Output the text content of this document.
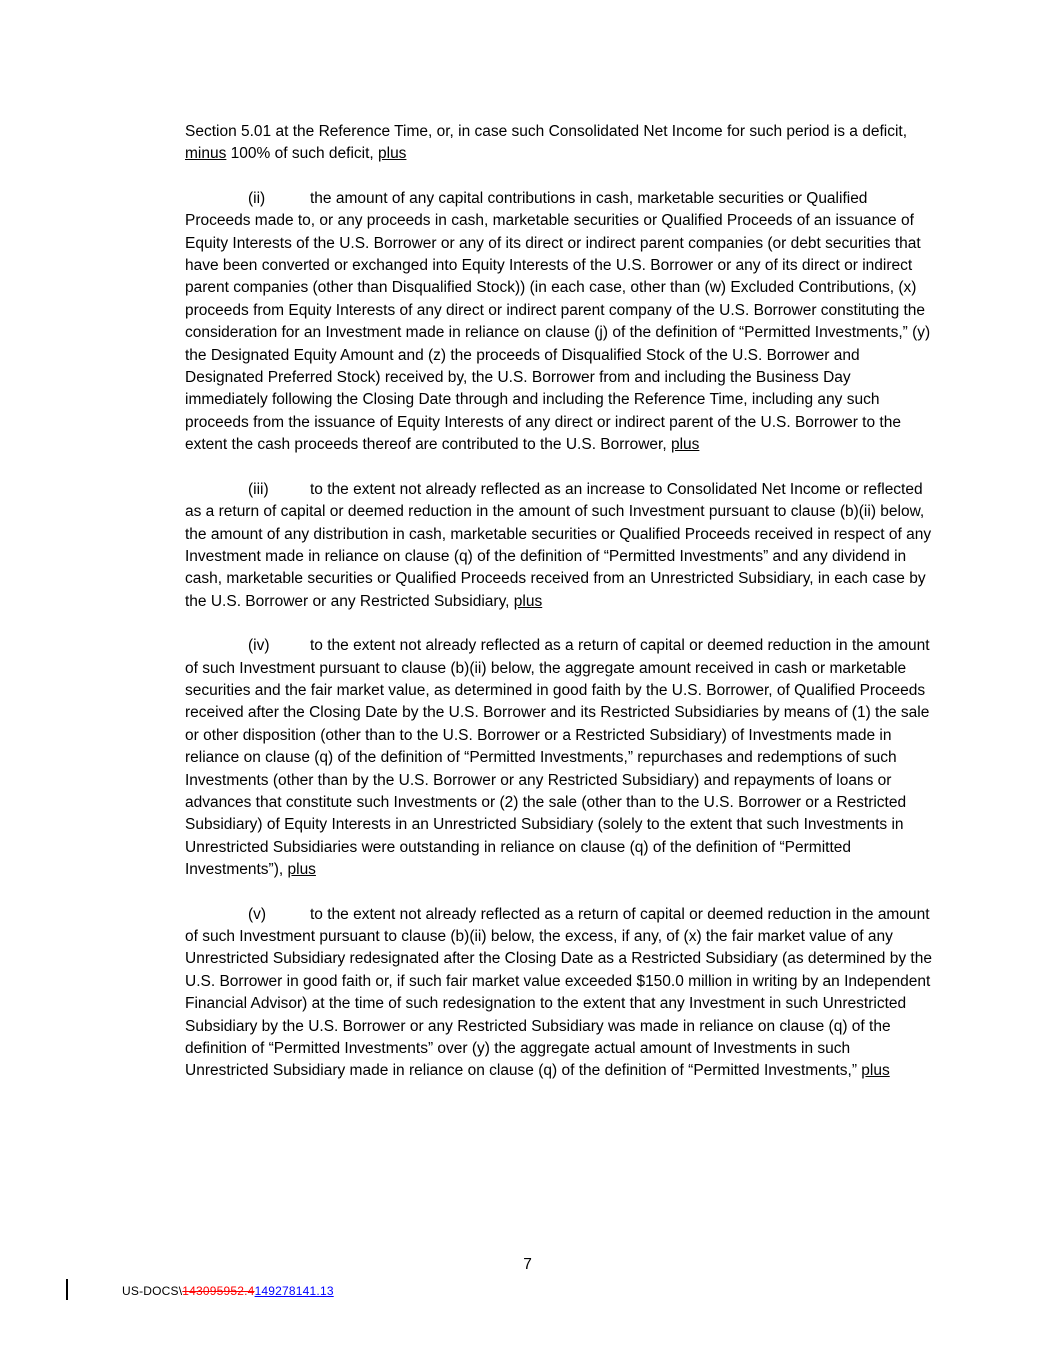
Section 5.01 at the Reference Time, or, in case such Consolidated Net Income for such period is a deficit, minus 100% of such deficit, plus

(ii)	the amount of any capital contributions in cash, marketable securities or Qualified Proceeds made to, or any proceeds in cash, marketable securities or Qualified Proceeds of an issuance of Equity Interests of the U.S. Borrower or any of its direct or indirect parent companies (or debt securities that have been converted or exchanged into Equity Interests of the U.S. Borrower or any of its direct or indirect parent companies (other than Disqualified Stock)) (in each case, other than (w) Excluded Contributions, (x) proceeds from Equity Interests of any direct or indirect parent company of the U.S. Borrower constituting the consideration for an Investment made in reliance on clause (j) of the definition of “Permitted Investments,” (y) the Designated Equity Amount and (z) the proceeds of Disqualified Stock of the U.S. Borrower and Designated Preferred Stock) received by, the U.S. Borrower from and including the Business Day immediately following the Closing Date through and including the Reference Time, including any such proceeds from the issuance of Equity Interests of any direct or indirect parent of the U.S. Borrower to the extent the cash proceeds thereof are contributed to the U.S. Borrower, plus

(iii)	to the extent not already reflected as an increase to Consolidated Net Income or reflected as a return of capital or deemed reduction in the amount of such Investment pursuant to clause (b)(ii) below, the amount of any distribution in cash, marketable securities or Qualified Proceeds received in respect of any Investment made in reliance on clause (q) of the definition of “Permitted Investments” and any dividend in cash, marketable securities or Qualified Proceeds received from an Unrestricted Subsidiary, in each case by the U.S. Borrower or any Restricted Subsidiary, plus

(iv)	to the extent not already reflected as a return of capital or deemed reduction in the amount of such Investment pursuant to clause (b)(ii) below, the aggregate amount received in cash or marketable securities and the fair market value, as determined in good faith by the U.S. Borrower, of Qualified Proceeds received after the Closing Date by the U.S. Borrower and its Restricted Subsidiaries by means of (1) the sale or other disposition (other than to the U.S. Borrower or a Restricted Subsidiary) of Investments made in reliance on clause (q) of the definition of “Permitted Investments,” repurchases and redemptions of such Investments (other than by the U.S. Borrower or any Restricted Subsidiary) and repayments of loans or advances that constitute such Investments or (2) the sale (other than to the U.S. Borrower or a Restricted Subsidiary) of Equity Interests in an Unrestricted Subsidiary (solely to the extent that such Investments in Unrestricted Subsidiaries were outstanding in reliance on clause (q) of the definition of “Permitted Investments”), plus

(v)	to the extent not already reflected as a return of capital or deemed reduction in the amount of such Investment pursuant to clause (b)(ii) below, the excess, if any, of (x) the fair market value of any Unrestricted Subsidiary redesignated after the Closing Date as a Restricted Subsidiary (as determined by the U.S. Borrower in good faith or, if such fair market value exceeded $150.0 million in writing by an Independent Financial Advisor) at the time of such redesignation to the extent that any Investment in such Unrestricted Subsidiary by the U.S. Borrower or any Restricted Subsidiary was made in reliance on clause (q) of the definition of “Permitted Investments” over (y) the aggregate actual amount of Investments in such Unrestricted Subsidiary made in reliance on clause (q) of the definition of “Permitted Investments,” plus

7
US-DOCS\143095952.4149278141.13
